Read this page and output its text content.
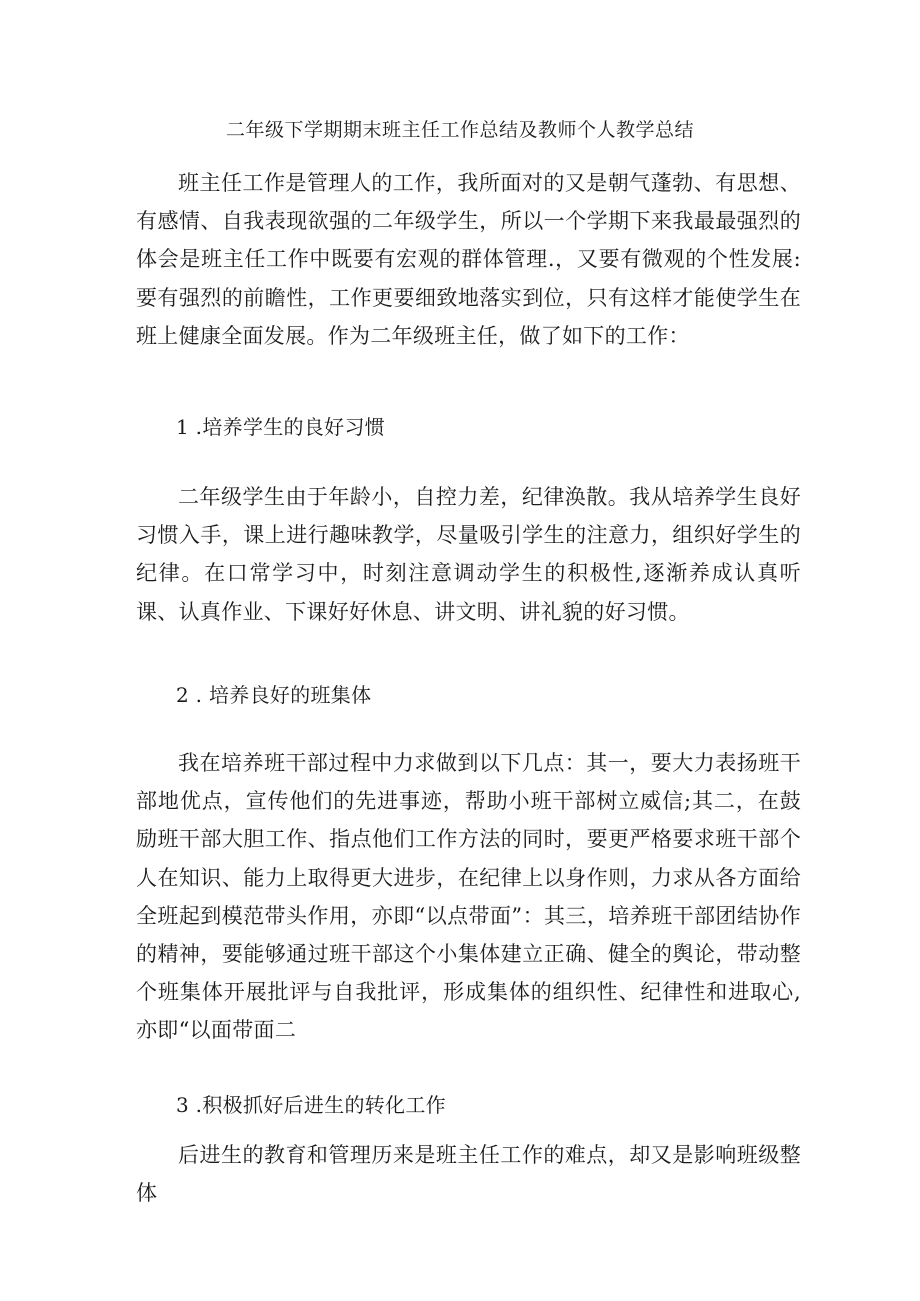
二年级下学期期末班主任工作总结及教师个人教学总结

班主任工作是管理人的工作，我所面对的又是朝气蓬勃、有思想、有感情、自我表现欲强的二年级学生，所以一个学期下来我最最强烈的体会是班主任工作中既要有宏观的群体管理.，又要有微观的个性发展:要有强烈的前瞻性，工作更要细致地落实到位，只有这样才能使学生在班上健康全面发展。作为二年级班主任，做了如下的工作：

1 .培养学生的良好习惯

二年级学生由于年龄小，自控力差，纪律涣散。我从培养学生良好习惯入手，课上进行趣味教学，尽量吸引学生的注意力，组织好学生的纪律。在口常学习中，时刻注意调动学生的积极性,逐渐养成认真听课、认真作业、下课好好休息、讲文明、讲礼貌的好习惯。

2 . 培养良好的班集体

我在培养班干部过程中力求做到以下几点：其一，要大力表扬班干部地优点，宣传他们的先进事迹，帮助小班干部树立威信;其二，在鼓励班干部大胆工作、指点他们工作方法的同时，要更严格要求班干部个人在知识、能力上取得更大进步，在纪律上以身作则，力求从各方面给全班起到模范带头作用，亦即“以点带面”：其三，培养班干部团结协作的精神，要能够通过班干部这个小集体建立正确、健全的舆论，带动整个班集体开展批评与自我批评，形成集体的组织性、纪律性和进取心,亦即“以面带面二

3 .积极抓好后进生的转化工作

后进生的教育和管理历来是班主任工作的难点，却又是影响班级整体
